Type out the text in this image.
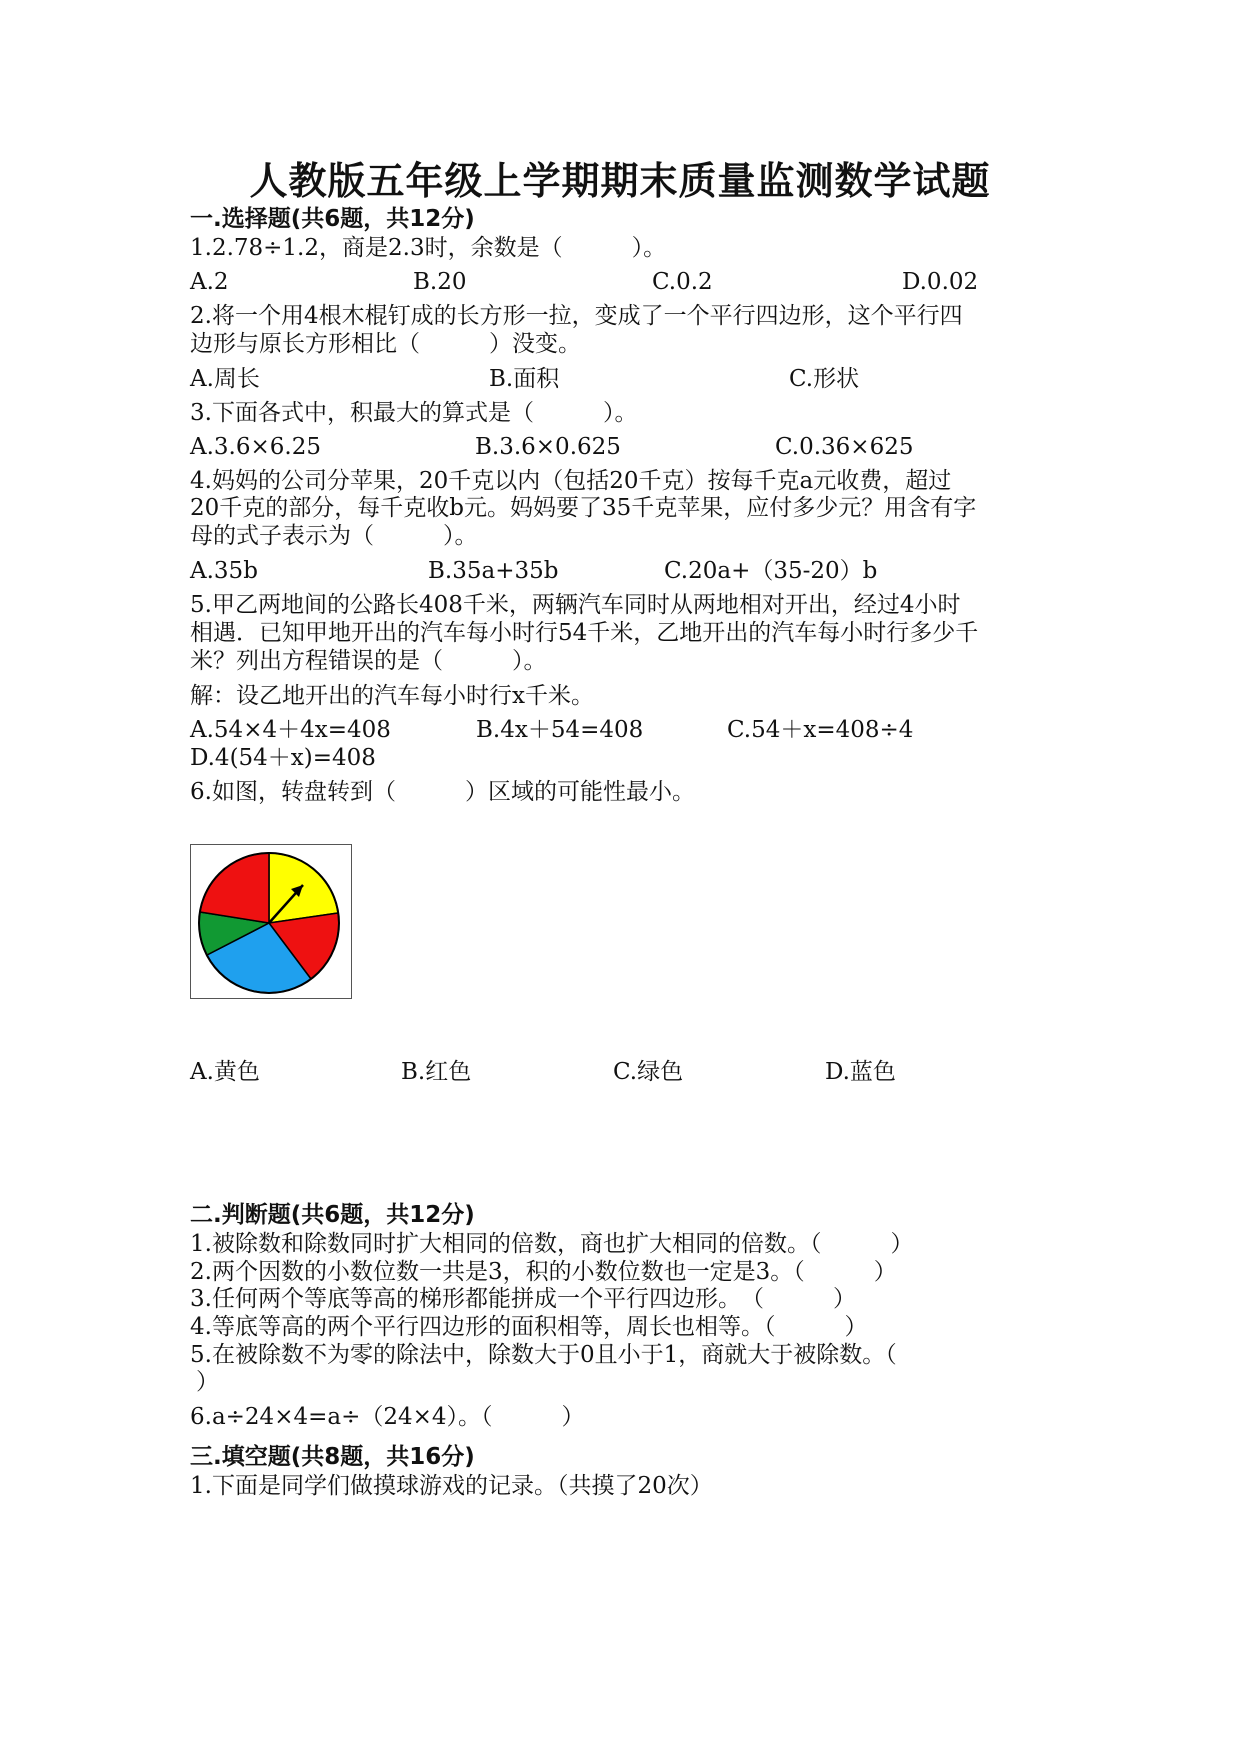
人教版五年级上学期期末质量监测数学试题
一.选择题(共6题，共12分)
1.2.78÷1.2，商是2.3时，余数是（　　　）。
A.2	B.20	C.0.2	D.0.02
2.将一个用4根木棍钉成的长方形一拉，变成了一个平行四边形，这个平行四
边形与原长方形相比（　　　）没变。
A.周长	B.面积	C.形状
3.下面各式中，积最大的算式是（　　　）。
A.3.6×6.25	B.3.6×0.625	C.0.36×625
4.妈妈的公司分苹果，20千克以内（包括20千克）按每千克a元收费，超过
20千克的部分，每千克收b元。妈妈要了35千克苹果，应付多少元？用含有字
母的式子表示为（　　　）。
A.35b	B.35a+35b	C.20a+（35-20）b
5.甲乙两地间的公路长408千米，两辆汽车同时从两地相对开出，经过4小时
相遇．已知甲地开出的汽车每小时行54千米，乙地开出的汽车每小时行多少千
米？列出方程错误的是（　　　）。
解：设乙地开出的汽车每小时行x千米。
A.54×4＋4x=408	B.4x＋54=408	C.54＋x=408÷4
D.4(54＋x)=408
6.如图，转盘转到（　　　）区域的可能性最小。
A.黄色	B.红色	C.绿色	D.蓝色
二.判断题(共6题，共12分)
1.被除数和除数同时扩大相同的倍数，商也扩大相同的倍数。（　　　）
2.两个因数的小数位数一共是3，积的小数位数也一定是3。（　　　）
3.任何两个等底等高的梯形都能拼成一个平行四边形。　（　　　）
4.等底等高的两个平行四边形的面积相等，周长也相等。（　　　）
5.在被除数不为零的除法中，除数大于0且小于1，商就大于被除数。（
）
6.a÷24×4=a÷（24×4）。（　　　）
三.填空题(共8题，共16分)
1.下面是同学们做摸球游戏的记录。（共摸了20次）
